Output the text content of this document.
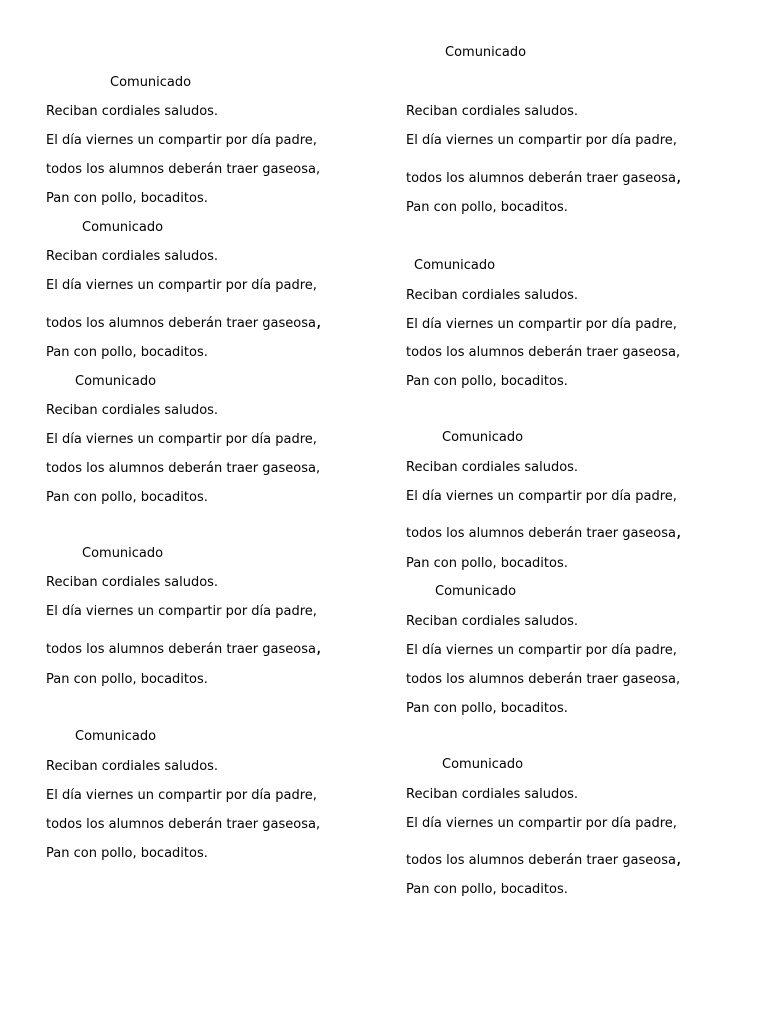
Comunicado

Reciban cordiales saludos.

El día viernes un compartir por día padre,

todos los alumnos deberán traer gaseosa,

Pan con pollo, bocaditos.

Comunicado

Reciban cordiales saludos.

El día viernes un compartir por día padre,

todos los alumnos deberán traer gaseosa,

Pan con pollo, bocaditos.

Comunicado

Reciban cordiales saludos.

El día viernes un compartir por día padre,

todos los alumnos deberán traer gaseosa,

Pan con pollo, bocaditos.

Comunicado

Reciban cordiales saludos.

El día viernes un compartir por día padre,

todos los alumnos deberán traer gaseosa,

Pan con pollo, bocaditos.

Comunicado

Reciban cordiales saludos.

El día viernes un compartir por día padre,

todos los alumnos deberán traer gaseosa,

Pan con pollo, bocaditos.

Comunicado

Reciban cordiales saludos.

El día viernes un compartir por día padre,

todos los alumnos deberán traer gaseosa,

Pan con pollo, bocaditos.

Comunicado

Reciban cordiales saludos.

El día viernes un compartir por día padre,

todos los alumnos deberán traer gaseosa,

Pan con pollo, bocaditos.

Comunicado

Reciban cordiales saludos.

El día viernes un compartir por día padre,

todos los alumnos deberán traer gaseosa,

Pan con pollo, bocaditos.

Comunicado

Reciban cordiales saludos.

El día viernes un compartir por día padre,

todos los alumnos deberán traer gaseosa,

Pan con pollo, bocaditos.

Comunicado

Reciban cordiales saludos.

El día viernes un compartir por día padre,

todos los alumnos deberán traer gaseosa,

Pan con pollo, bocaditos.
